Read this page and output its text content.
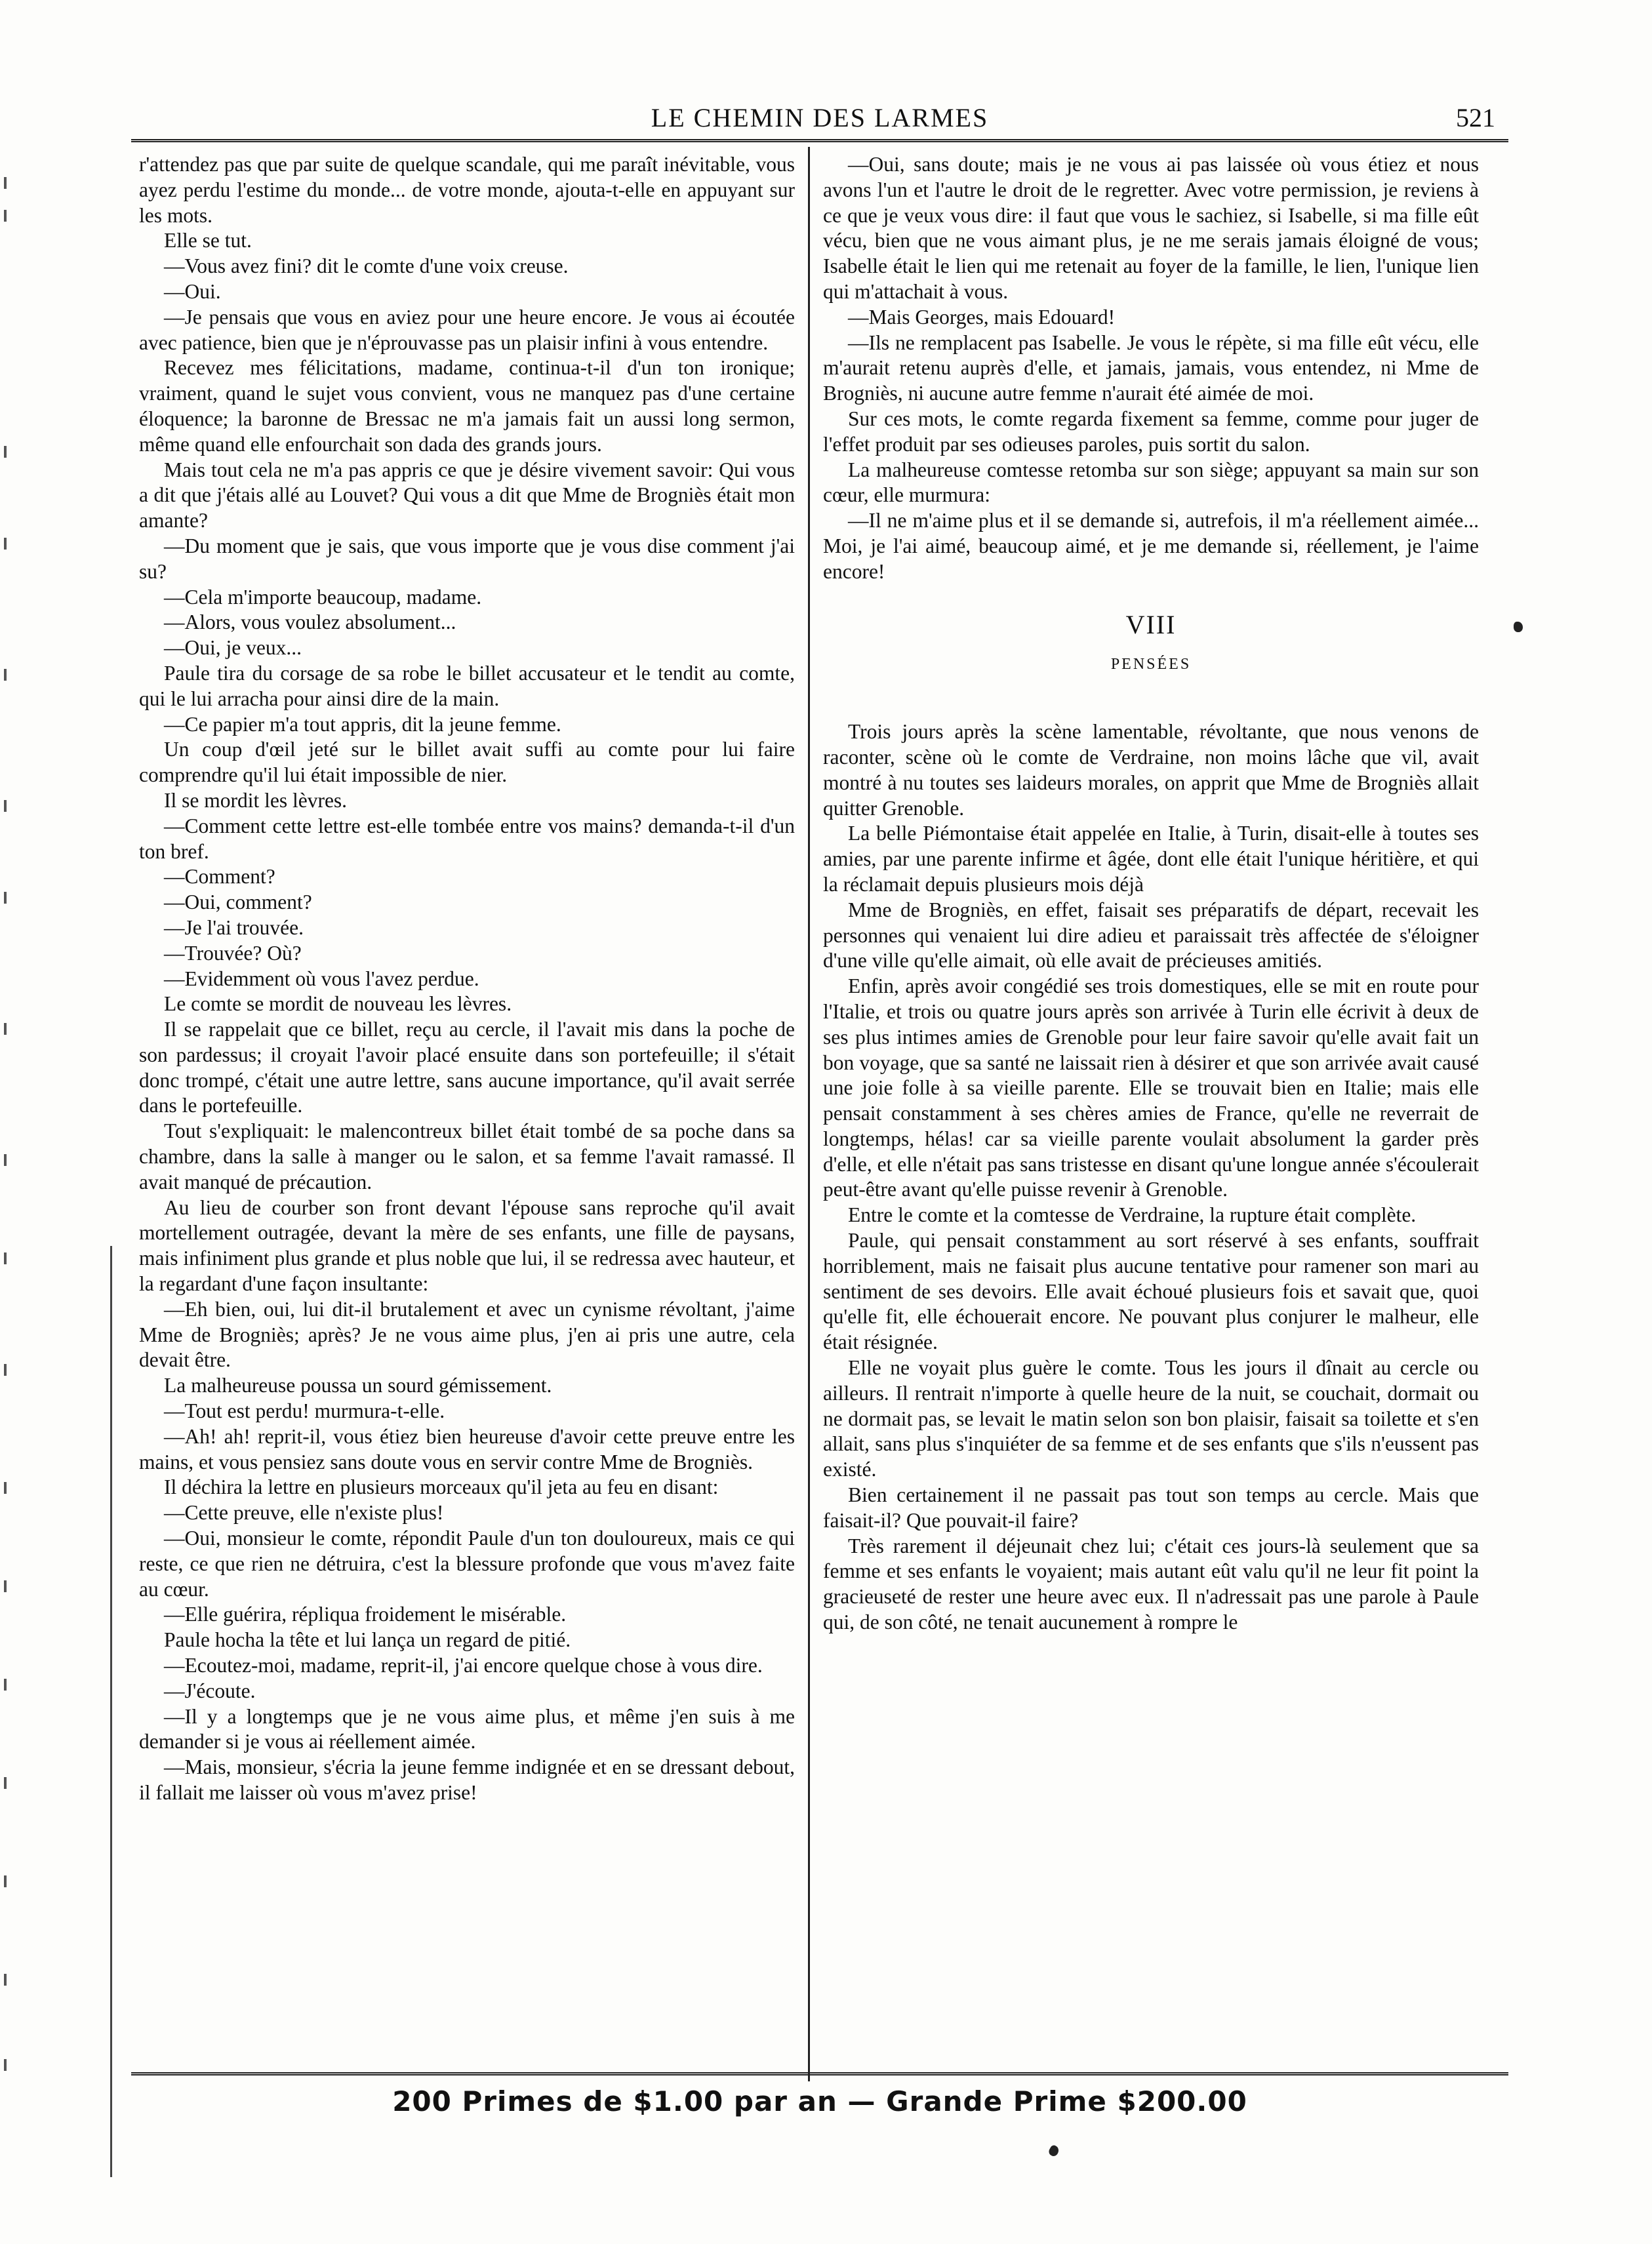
LE CHEMIN DES LARMES	521

r'attendez pas que par suite de quelque scandale, qui me paraît inévitable, vous ayez perdu l'estime du monde... de votre monde, ajouta-t-elle en appuyant sur les mots.

Elle se tut.

—Vous avez fini? dit le comte d'une voix creuse.

—Oui.

—Je pensais que vous en aviez pour une heure encore. Je vous ai écoutée avec patience, bien que je n'éprouvasse pas un plaisir infini à vous entendre.

Recevez mes félicitations, madame, continua-t-il d'un ton ironique; vraiment, quand le sujet vous convient, vous ne manquez pas d'une certaine éloquence; la baronne de Bressac ne m'a jamais fait un aussi long sermon, même quand elle enfourchait son dada des grands jours.

Mais tout cela ne m'a pas appris ce que je désire vivement savoir: Qui vous a dit que j'étais allé au Louvet? Qui vous a dit que Mme de Brogniès était mon amante?

—Du moment que je sais, que vous importe que je vous dise comment j'ai su?

—Cela m'importe beaucoup, madame.

—Alors, vous voulez absolument...

—Oui, je veux...

Paule tira du corsage de sa robe le billet accusateur et le tendit au comte, qui le lui arracha pour ainsi dire de la main.

—Ce papier m'a tout appris, dit la jeune femme.

Un coup d'œil jeté sur le billet avait suffi au comte pour lui faire comprendre qu'il lui était impossible de nier.

Il se mordit les lèvres.

—Comment cette lettre est-elle tombée entre vos mains? demanda-t-il d'un ton bref.

—Comment?

—Oui, comment?

—Je l'ai trouvée.

—Trouvée? Où?

—Evidemment où vous l'avez perdue.

Le comte se mordit de nouveau les lèvres.

Il se rappelait que ce billet, reçu au cercle, il l'avait mis dans la poche de son pardessus; il croyait l'avoir placé ensuite dans son portefeuille; il s'était donc trompé, c'était une autre lettre, sans aucune importance, qu'il avait serrée dans le portefeuille.

Tout s'expliquait: le malencontreux billet était tombé de sa poche dans sa chambre, dans la salle à manger ou le salon, et sa femme l'avait ramassé. Il avait manqué de précaution.

Au lieu de courber son front devant l'épouse sans reproche qu'il avait mortellement outragée, devant la mère de ses enfants, une fille de paysans, mais infiniment plus grande et plus noble que lui, il se redressa avec hauteur, et la regardant d'une façon insultante:

—Eh bien, oui, lui dit-il brutalement et avec un cynisme révoltant, j'aime Mme de Brogniès; après? Je ne vous aime plus, j'en ai pris une autre, cela devait être.

La malheureuse poussa un sourd gémissement.

—Tout est perdu! murmura-t-elle.

—Ah! ah! reprit-il, vous étiez bien heureuse d'avoir cette preuve entre les mains, et vous pensiez sans doute vous en servir contre Mme de Brogniès.

Il déchira la lettre en plusieurs morceaux qu'il jeta au feu en disant:

—Cette preuve, elle n'existe plus!

—Oui, monsieur le comte, répondit Paule d'un ton douloureux, mais ce qui reste, ce que rien ne détruira, c'est la blessure profonde que vous m'avez faite au cœur.

—Elle guérira, répliqua froidement le misérable.

Paule hocha la tête et lui lança un regard de pitié.

—Ecoutez-moi, madame, reprit-il, j'ai encore quelque chose à vous dire.

—J'écoute.

—Il y a longtemps que je ne vous aime plus, et même j'en suis à me demander si je vous ai réellement aimée.

—Mais, monsieur, s'écria la jeune femme indignée et en se dressant debout, il fallait me laisser où vous m'avez prise!

—Oui, sans doute; mais je ne vous ai pas laissée où vous étiez et nous avons l'un et l'autre le droit de le regretter. Avec votre permission, je reviens à ce que je veux vous dire: il faut que vous le sachiez, si Isabelle, si ma fille eût vécu, bien que ne vous aimant plus, je ne me serais jamais éloigné de vous; Isabelle était le lien qui me retenait au foyer de la famille, le lien, l'unique lien qui m'attachait à vous.

—Mais Georges, mais Edouard!

—Ils ne remplacent pas Isabelle. Je vous le répète, si ma fille eût vécu, elle m'aurait retenu auprès d'elle, et jamais, jamais, vous entendez, ni Mme de Brogniès, ni aucune autre femme n'aurait été aimée de moi.

Sur ces mots, le comte regarda fixement sa femme, comme pour juger de l'effet produit par ses odieuses paroles, puis sortit du salon.

La malheureuse comtesse retomba sur son siège; appuyant sa main sur son cœur, elle murmura:

—Il ne m'aime plus et il se demande si, autrefois, il m'a réellement aimée... Moi, je l'ai aimé, beaucoup aimé, et je me demande si, réellement, je l'aime encore!

VIII
PENSÉES

Trois jours après la scène lamentable, révoltante, que nous venons de raconter, scène où le comte de Verdraine, non moins lâche que vil, avait montré à nu toutes ses laideurs morales, on apprit que Mme de Brogniès allait quitter Grenoble.

La belle Piémontaise était appelée en Italie, à Turin, disait-elle à toutes ses amies, par une parente infirme et âgée, dont elle était l'unique héritière, et qui la réclamait depuis plusieurs mois déjà

Mme de Brogniès, en effet, faisait ses préparatifs de départ, recevait les personnes qui venaient lui dire adieu et paraissait très affectée de s'éloigner d'une ville qu'elle aimait, où elle avait de précieuses amitiés.

Enfin, après avoir congédié ses trois domestiques, elle se mit en route pour l'Italie, et trois ou quatre jours après son arrivée à Turin elle écrivit à deux de ses plus intimes amies de Grenoble pour leur faire savoir qu'elle avait fait un bon voyage, que sa santé ne laissait rien à désirer et que son arrivée avait causé une joie folle à sa vieille parente. Elle se trouvait bien en Italie; mais elle pensait constamment à ses chères amies de France, qu'elle ne reverrait de longtemps, hélas! car sa vieille parente voulait absolument la garder près d'elle, et elle n'était pas sans tristesse en disant qu'une longue année s'écoulerait peut-être avant qu'elle puisse revenir à Grenoble.

Entre le comte et la comtesse de Verdraine, la rupture était complète.

Paule, qui pensait constamment au sort réservé à ses enfants, souffrait horriblement, mais ne faisait plus aucune tentative pour ramener son mari au sentiment de ses devoirs. Elle avait échoué plusieurs fois et savait que, quoi qu'elle fit, elle échouerait encore. Ne pouvant plus conjurer le malheur, elle était résignée.

Elle ne voyait plus guère le comte. Tous les jours il dînait au cercle ou ailleurs. Il rentrait n'importe à quelle heure de la nuit, se couchait, dormait ou ne dormait pas, se levait le matin selon son bon plaisir, faisait sa toilette et s'en allait, sans plus s'inquiéter de sa femme et de ses enfants que s'ils n'eussent pas existé.

Bien certainement il ne passait pas tout son temps au cercle. Mais que faisait-il? Que pouvait-il faire?

Très rarement il déjeunait chez lui; c'était ces jours-là seulement que sa femme et ses enfants le voyaient; mais autant eût valu qu'il ne leur fit point la gracieuseté de rester une heure avec eux. Il n'adressait pas une parole à Paule qui, de son côté, ne tenait aucunement à rompre le

200 Primes de $1.00 par an — Grande Prime $200.00
